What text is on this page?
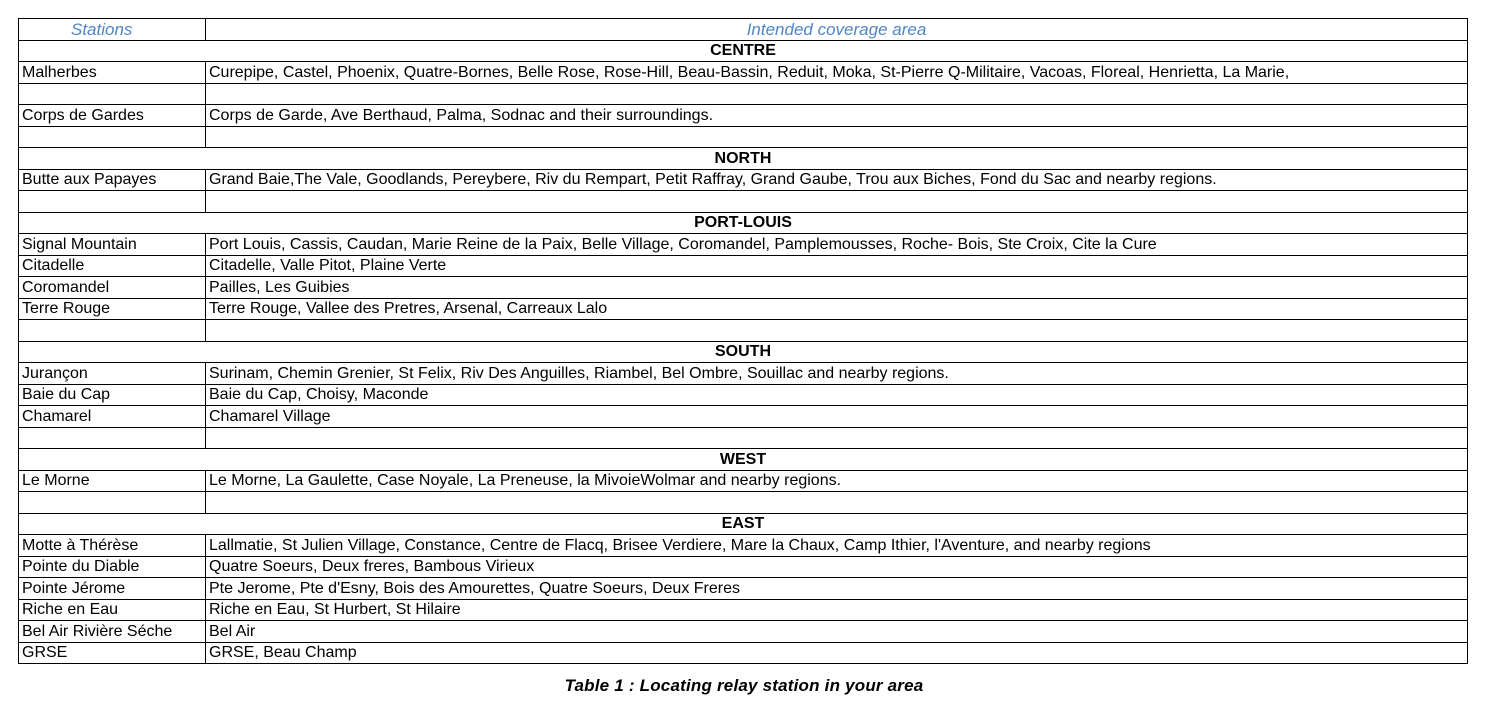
Stations	Intended coverage area
CENTRE	
Malherbes	Curepipe, Castel, Phoenix, Quatre-Bornes, Belle Rose, Rose-Hill, Beau-Bassin, Reduit, Moka, St-Pierre Q-Militaire, Vacoas, Floreal, Henrietta, La Marie,

Corps de Gardes	Corps de Garde, Ave Berthaud, Palma, Sodnac and their surroundings.

NORTH	
Butte aux Papayes	Grand Baie,The Vale, Goodlands, Pereybere, Riv du Rempart, Petit Raffray, Grand Gaube, Trou aux Biches, Fond du Sac and nearby regions.

PORT-LOUIS	
Signal Mountain	Port Louis, Cassis, Caudan, Marie Reine de la Paix, Belle Village, Coromandel, Pamplemousses, Roche- Bois, Ste Croix, Cite la Cure
Citadelle	Citadelle, Valle Pitot, Plaine Verte
Coromandel	Pailles, Les Guibies
Terre Rouge	Terre Rouge, Vallee des Pretres, Arsenal, Carreaux Lalo

SOUTH	
Jurançon	Surinam, Chemin Grenier, St Felix, Riv Des Anguilles, Riambel, Bel Ombre, Souillac and nearby regions.
Baie du Cap	Baie du Cap, Choisy, Maconde
Chamarel	Chamarel Village

WEST	
Le Morne	Le Morne, La Gaulette, Case Noyale, La Preneuse, la MivoieWolmar and nearby regions.

EAST	
Motte à Thérèse	Lallmatie, St Julien Village, Constance, Centre de Flacq, Brisee Verdiere, Mare la Chaux, Camp Ithier, l'Aventure, and nearby regions
Pointe du Diable	Quatre Soeurs, Deux freres, Bambous Virieux
Pointe Jérome	Pte Jerome, Pte d'Esny, Bois des Amourettes, Quatre Soeurs, Deux Freres
Riche en Eau	Riche en Eau, St Hurbert, St Hilaire
Bel Air Rivière Séche	Bel Air
GRSE	GRSE, Beau Champ
Table 1 : Locating relay station in your area
